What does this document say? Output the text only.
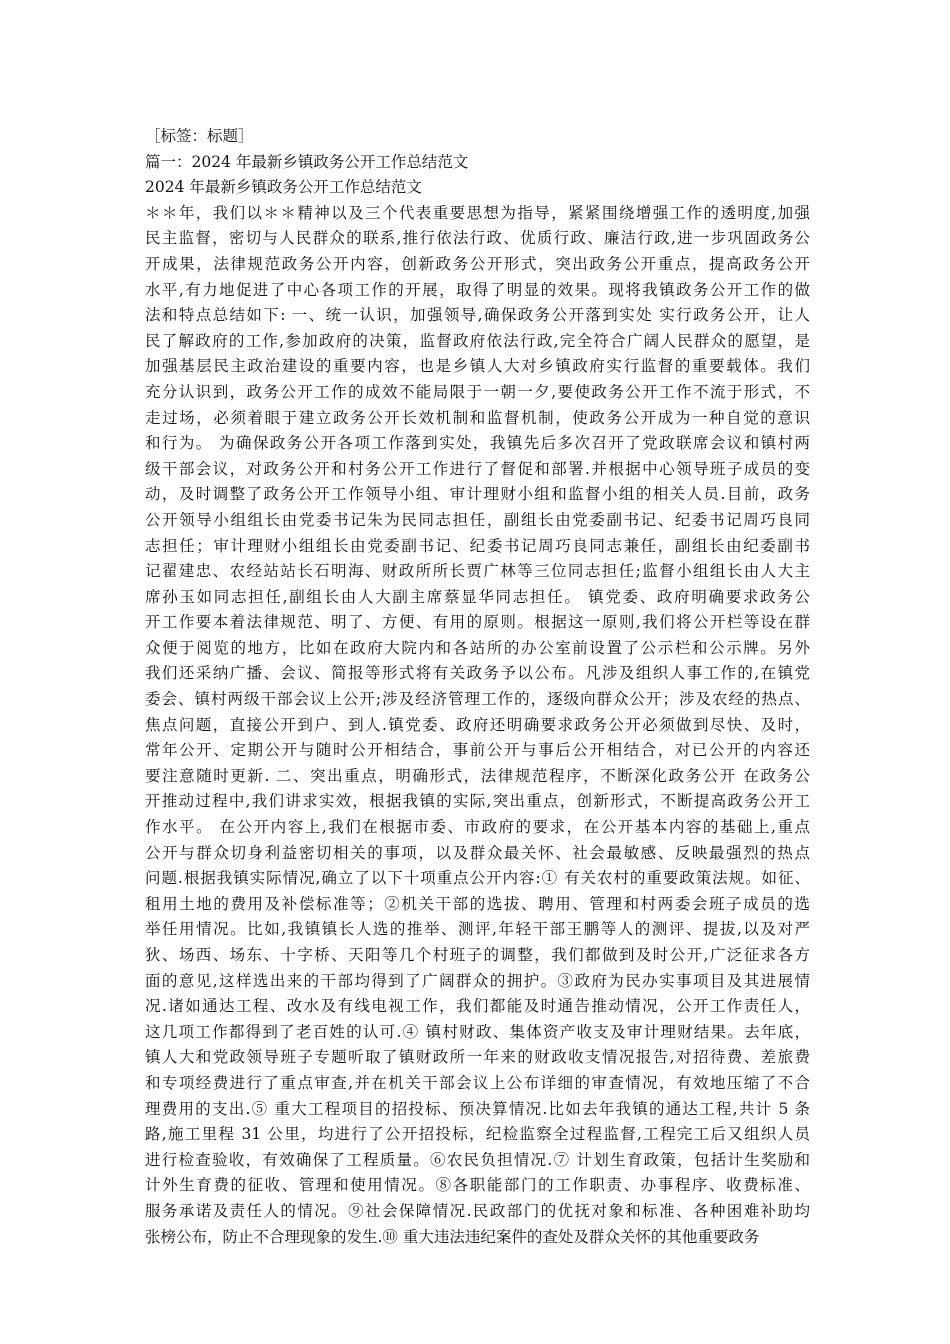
［标签：标题］
篇一：2024 年最新乡镇政务公开工作总结范文
2024 年最新乡镇政务公开工作总结范文
＊＊年，我们以＊＊精神以及三个代表重要思想为指导，紧紧围绕增强工作的透明度,加强
民主监督，密切与人民群众的联系,推行依法行政、优质行政、廉洁行政,进一步巩固政务公
开成果，法律规范政务公开内容，创新政务公开形式，突出政务公开重点，提高政务公开
水平,有力地促进了中心各项工作的开展，取得了明显的效果。现将我镇政务公开工作的做
法和特点总结如下: 一、统一认识，加强领导,确保政务公开落到实处 实行政务公开，让人
民了解政府的工作,参加政府的决策，监督政府依法行政,完全符合广阔人民群众的愿望，是
加强基层民主政治建设的重要内容，也是乡镇人大对乡镇政府实行监督的重要载体。我们
充分认识到，政务公开工作的成效不能局限于一朝一夕,要使政务公开工作不流于形式，不
走过场，必须着眼于建立政务公开长效机制和监督机制，使政务公开成为一种自觉的意识
和行为。 为确保政务公开各项工作落到实处，我镇先后多次召开了党政联席会议和镇村两
级干部会议，对政务公开和村务公开工作进行了督促和部署.并根据中心领导班子成员的变
动，及时调整了政务公开工作领导小组、审计理财小组和监督小组的相关人员.目前，政务
公开领导小组组长由党委书记朱为民同志担任，副组长由党委副书记、纪委书记周巧良同
志担任；审计理财小组组长由党委副书记、纪委书记周巧良同志兼任，副组长由纪委副书
记翟建忠、农经站站长石明海、财政所所长贾广林等三位同志担任;监督小组组长由人大主
席孙玉如同志担任,副组长由人大副主席蔡显华同志担任。 镇党委、政府明确要求政务公
开工作要本着法律规范、明了、方便、有用的原则。根据这一原则,我们将公开栏等设在群
众便于阅览的地方，比如在政府大院内和各站所的办公室前设置了公示栏和公示牌。另外
我们还采纳广播、会议、简报等形式将有关政务予以公布。凡涉及组织人事工作的,在镇党
委会、镇村两级干部会议上公开;涉及经济管理工作的，逐级向群众公开；涉及农经的热点、
焦点问题，直接公开到户、到人.镇党委、政府还明确要求政务公开必须做到尽快、及时，
常年公开、定期公开与随时公开相结合，事前公开与事后公开相结合，对已公开的内容还
要注意随时更新. 二、突出重点，明确形式，法律规范程序，不断深化政务公开 在政务公
开推动过程中,我们讲求实效，根据我镇的实际,突出重点，创新形式，不断提高政务公开工
作水平。 在公开内容上,我们在根据市委、市政府的要求，在公开基本内容的基础上,重点
公开与群众切身利益密切相关的事项，以及群众最关怀、社会最敏感、反映最强烈的热点
问题.根据我镇实际情况,确立了以下十项重点公开内容:① 有关农村的重要政策法规。如征、
租用土地的费用及补偿标准等；②机关干部的选拔、聘用、管理和村两委会班子成员的选
举任用情况。比如,我镇镇长人选的推举、测评,年轻干部王鹏等人的测评、提拔,以及对严
狄、场西、场东、十字桥、天阳等几个村班子的调整，我们都做到及时公开,广泛征求各方
面的意见,这样选出来的干部均得到了广阔群众的拥护。③政府为民办实事项目及其进展情
况.诸如通达工程、改水及有线电视工作，我们都能及时通告推动情况，公开工作责任人，
这几项工作都得到了老百姓的认可.④ 镇村财政、集体资产收支及审计理财结果。去年底，
镇人大和党政领导班子专题听取了镇财政所一年来的财政收支情况报告,对招待费、差旅费
和专项经费进行了重点审查,并在机关干部会议上公布详细的审查情况，有效地压缩了不合
理费用的支出.⑤ 重大工程项目的招投标、预决算情况.比如去年我镇的通达工程,共计 5 条
路,施工里程 31 公里，均进行了公开招投标，纪检监察全过程监督,工程完工后又组织人员
进行检查验收，有效确保了工程质量。⑥农民负担情况.⑦ 计划生育政策，包括计生奖励和
计外生育费的征收、管理和使用情况。⑧各职能部门的工作职责、办事程序、收费标准、
服务承诺及责任人的情况。⑨社会保障情况.民政部门的优抚对象和标准、各种困难补助均
张榜公布，防止不合理现象的发生.⑩ 重大违法违纪案件的查处及群众关怀的其他重要政务
